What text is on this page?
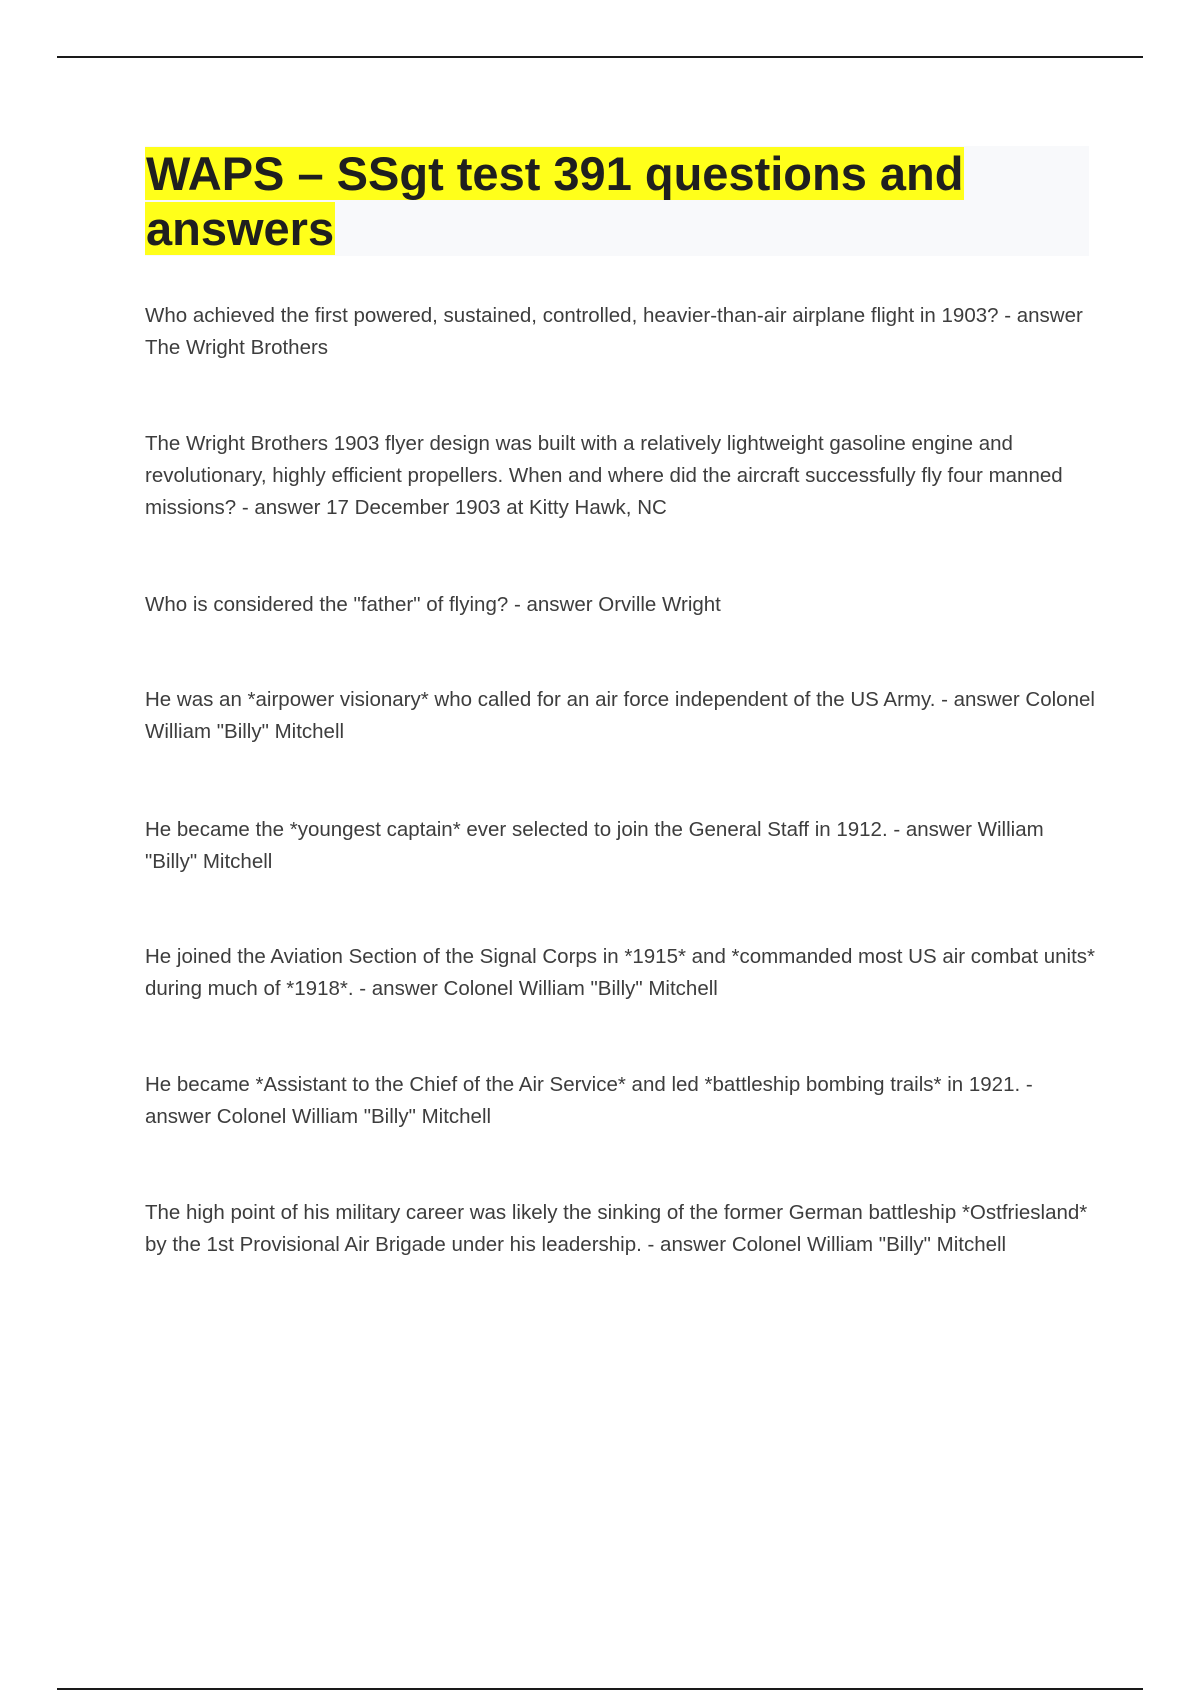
WAPS – SSgt test 391 questions and answers

Who achieved the first powered, sustained, controlled, heavier-than-air airplane flight in 1903? - answer The Wright Brothers

The Wright Brothers 1903 flyer design was built with a relatively lightweight gasoline engine and revolutionary, highly efficient propellers. When and where did the aircraft successfully fly four manned missions? - answer 17 December 1903 at Kitty Hawk, NC

Who is considered the "father" of flying? - answer Orville Wright

He was an *airpower visionary* who called for an air force independent of the US Army. - answer Colonel William "Billy" Mitchell

He became the *youngest captain* ever selected to join the General Staff in 1912. - answer William "Billy" Mitchell

He joined the Aviation Section of the Signal Corps in *1915* and *commanded most US air combat units* during much of *1918*. - answer Colonel William "Billy" Mitchell

He became *Assistant to the Chief of the Air Service* and led *battleship bombing trails* in 1921. - answer Colonel William "Billy" Mitchell

The high point of his military career was likely the sinking of the former German battleship *Ostfriesland* by the 1st Provisional Air Brigade under his leadership. - answer Colonel William "Billy" Mitchell
